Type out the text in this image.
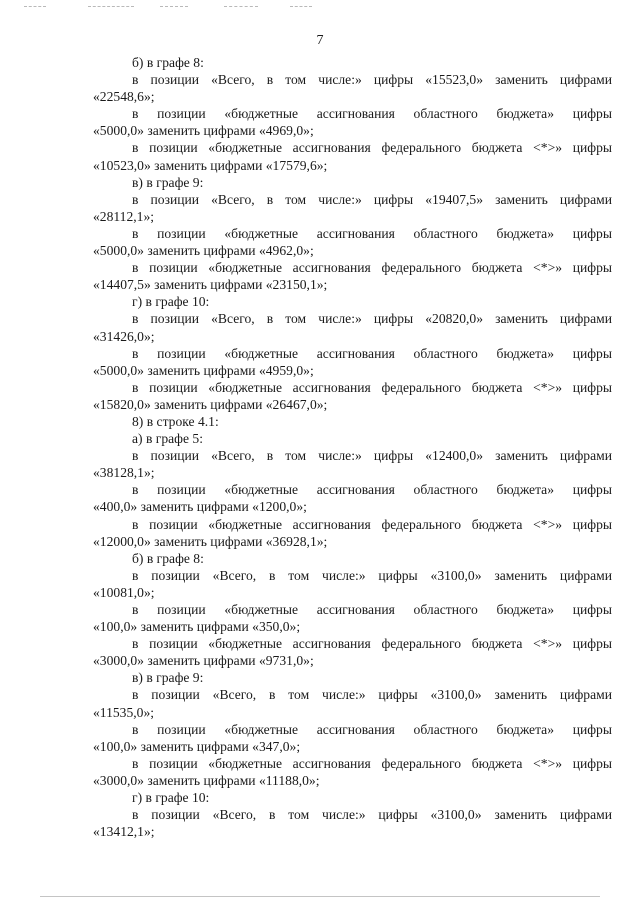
7
б) в графе 8:
в позиции «Всего, в том числе:» цифры «15523,0» заменить цифрами
«22548,6»;
в позиции «бюджетные ассигнования областного бюджета» цифры
«5000,0» заменить цифрами «4969,0»;
в позиции «бюджетные ассигнования федерального бюджета <*>» цифры
«10523,0» заменить цифрами «17579,6»;
в) в графе 9:
в позиции «Всего, в том числе:» цифры «19407,5» заменить цифрами
«28112,1»;
в позиции «бюджетные ассигнования областного бюджета» цифры
«5000,0» заменить цифрами «4962,0»;
в позиции «бюджетные ассигнования федерального бюджета <*>» цифры
«14407,5» заменить цифрами «23150,1»;
г) в графе 10:
в позиции «Всего, в том числе:» цифры «20820,0» заменить цифрами
«31426,0»;
в позиции «бюджетные ассигнования областного бюджета» цифры
«5000,0» заменить цифрами «4959,0»;
в позиции «бюджетные ассигнования федерального бюджета <*>» цифры
«15820,0» заменить цифрами «26467,0»;
8) в строке 4.1:
а) в графе 5:
в позиции «Всего, в том числе:» цифры «12400,0» заменить цифрами
«38128,1»;
в позиции «бюджетные ассигнования областного бюджета» цифры
«400,0» заменить цифрами «1200,0»;
в позиции «бюджетные ассигнования федерального бюджета <*>» цифры
«12000,0» заменить цифрами «36928,1»;
б) в графе 8:
в позиции «Всего, в том числе:» цифры «3100,0» заменить цифрами
«10081,0»;
в позиции «бюджетные ассигнования областного бюджета» цифры
«100,0» заменить цифрами «350,0»;
в позиции «бюджетные ассигнования федерального бюджета <*>» цифры
«3000,0» заменить цифрами «9731,0»;
в) в графе 9:
в позиции «Всего, в том числе:» цифры «3100,0» заменить цифрами
«11535,0»;
в позиции «бюджетные ассигнования областного бюджета» цифры
«100,0» заменить цифрами «347,0»;
в позиции «бюджетные ассигнования федерального бюджета <*>» цифры
«3000,0» заменить цифрами «11188,0»;
г) в графе 10:
в позиции «Всего, в том числе:» цифры «3100,0» заменить цифрами
«13412,1»;
